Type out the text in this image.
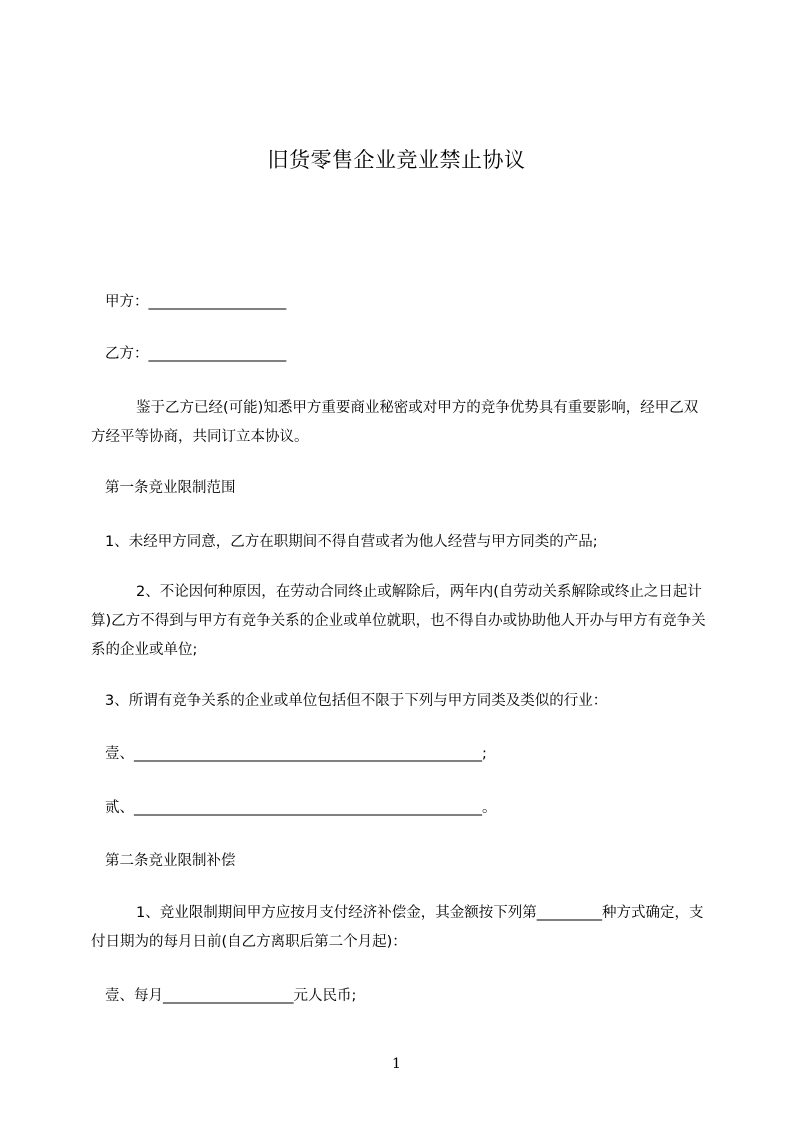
旧货零售企业竞业禁止协议
甲方：___________________
乙方：___________________
鉴于乙方已经(可能)知悉甲方重要商业秘密或对甲方的竞争优势具有重要影响，经甲乙双方经平等协商，共同订立本协议。
第一条竞业限制范围
1、未经甲方同意，乙方在职期间不得自营或者为他人经营与甲方同类的产品;
2、不论因何种原因，在劳动合同终止或解除后，两年内(自劳动关系解除或终止之日起计算)乙方不得到与甲方有竞争关系的企业或单位就职，也不得自办或协助他人开办与甲方有竞争关系的企业或单位;
3、所谓有竞争关系的企业或单位包括但不限于下列与甲方同类及类似的行业：
壹、________________________________________________;
贰、________________________________________________。
第二条竞业限制补偿
1、竞业限制期间甲方应按月支付经济补偿金，其金额按下列第_________种方式确定，支付日期为的每月日前(自乙方离职后第二个月起)：
壹、每月__________________元人民币;
1
